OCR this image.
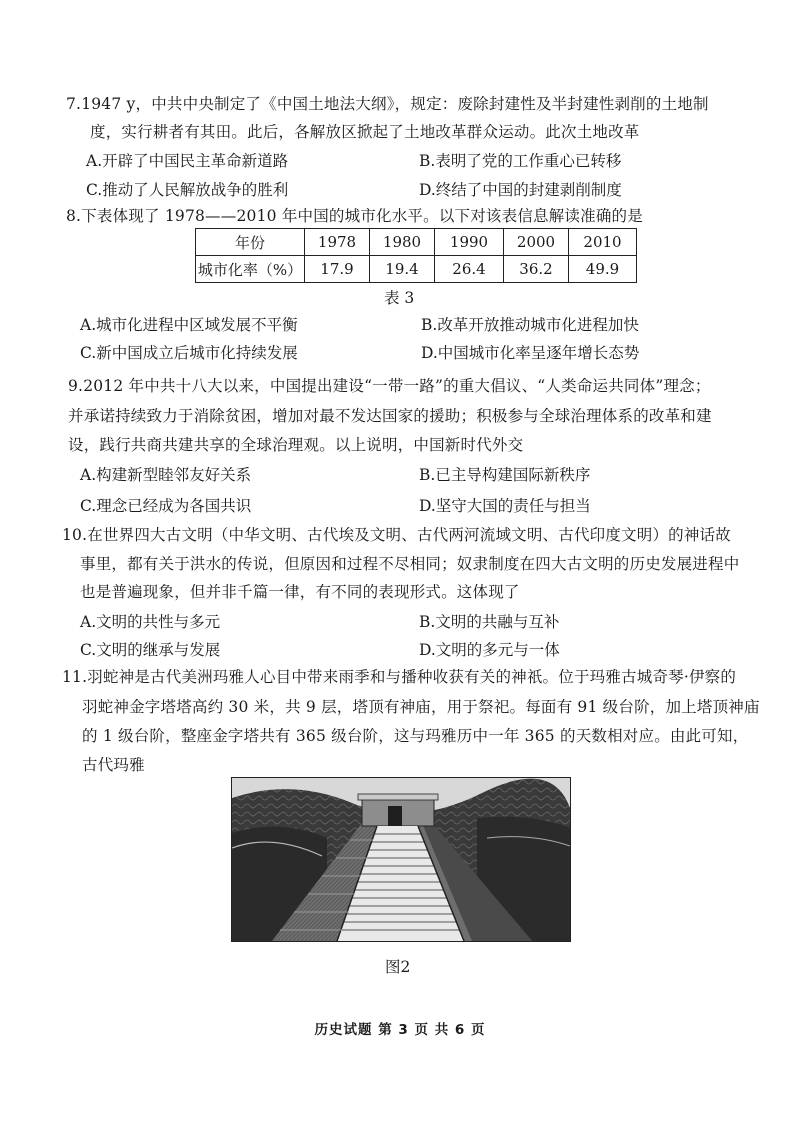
7.1947 y，中共中央制定了《中国土地法大纲》，规定：废除封建性及半封建性剥削的土地制
度，实行耕者有其田。此后，各解放区掀起了土地改革群众运动。此次土地改革
A.开辟了中国民主革命新道路	B.表明了党的工作重心已转移
C.推动了人民解放战争的胜利	D.终结了中国的封建剥削制度
8.下表体现了 1978——2010 年中国的城市化水平。以下对该表信息解读准确的是
年份	1978	1980	1990	2000	2010
城市化率（%）	17.9	19.4	26.4	36.2	49.9
表 3
A.城市化进程中区域发展不平衡	B.改革开放推动城市化进程加快
C.新中国成立后城市化持续发展	D.中国城市化率呈逐年增长态势
9.2012 年中共十八大以来，中国提出建设“一带一路”的重大倡议、“人类命运共同体”理念；
并承诺持续致力于消除贫困，增加对最不发达国家的援助；积极参与全球治理体系的改革和建
设，践行共商共建共享的全球治理观。以上说明，中国新时代外交
A.构建新型睦邻友好关系	B.已主导构建国际新秩序
C.理念已经成为各国共识	D.坚守大国的责任与担当
10.在世界四大古文明（中华文明、古代埃及文明、古代两河流域文明、古代印度文明）的神话故
事里，都有关于洪水的传说，但原因和过程不尽相同；奴隶制度在四大古文明的历史发展进程中
也是普遍现象，但并非千篇一律，有不同的表现形式。这体现了
A.文明的共性与多元	B.文明的共融与互补
C.文明的继承与发展	D.文明的多元与一体
11.羽蛇神是古代美洲玛雅人心目中带来雨季和与播种收获有关的神祇。位于玛雅古城奇琴·伊察的
羽蛇神金字塔塔高约 30 米，共 9 层，塔顶有神庙，用于祭祀。每面有 91 级台阶，加上塔顶神庙
的 1 级台阶，整座金字塔共有 365 级台阶，这与玛雅历中一年 365 的天数相对应。由此可知，
古代玛雅
图2
历史试题 第 3 页 共 6 页
